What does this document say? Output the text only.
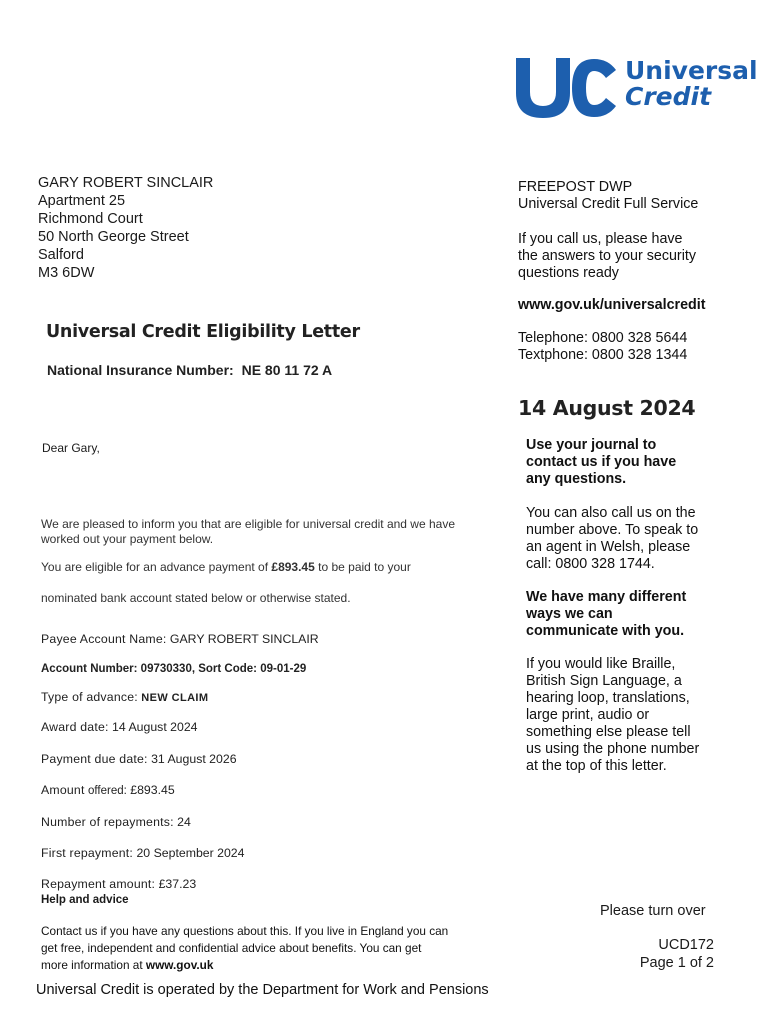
Universal
Credit
GARY ROBERT SINCLAIR
Apartment 25
Richmond Court
50 North George Street
Salford
M3 6DW
FREEPOST DWP
Universal Credit Full Service
If you call us, please have
the answers to your security
questions ready
www.gov.uk/universalcredit
Telephone: 0800 328 5644
Textphone: 0800 328 1344
14 August 2024
Universal Credit Eligibility Letter
National Insurance Number: NE 80 11 72 A
Dear Gary,
We are pleased to inform you that are eligible for universal credit and we have
worked out your payment below.
You are eligible for an advance payment of £893.45 to be paid to your
nominated bank account stated below or otherwise stated.
Payee Account Name: GARY ROBERT SINCLAIR
Account Number: 09730330, Sort Code: 09-01-29
Type of advance: NEW CLAIM
Award date: 14 August 2024
Payment due date: 31 August 2026
Amount offered: £893.45
Number of repayments: 24
First repayment: 20 September 2024
Repayment amount: £37.23
Help and advice
Contact us if you have any questions about this. If you live in England you can
get free, independent and confidential advice about benefits. You can get
more information at www.gov.uk
Universal Credit is operated by the Department for Work and Pensions
Use your journal to
contact us if you have
any questions.
You can also call us on the
number above. To speak to
an agent in Welsh, please
call: 0800 328 1744.
We have many different
ways we can
communicate with you.
If you would like Braille,
British Sign Language, a
hearing loop, translations,
large print, audio or
something else please tell
us using the phone number
at the top of this letter.
Please turn over
UCD172
Page 1 of 2
